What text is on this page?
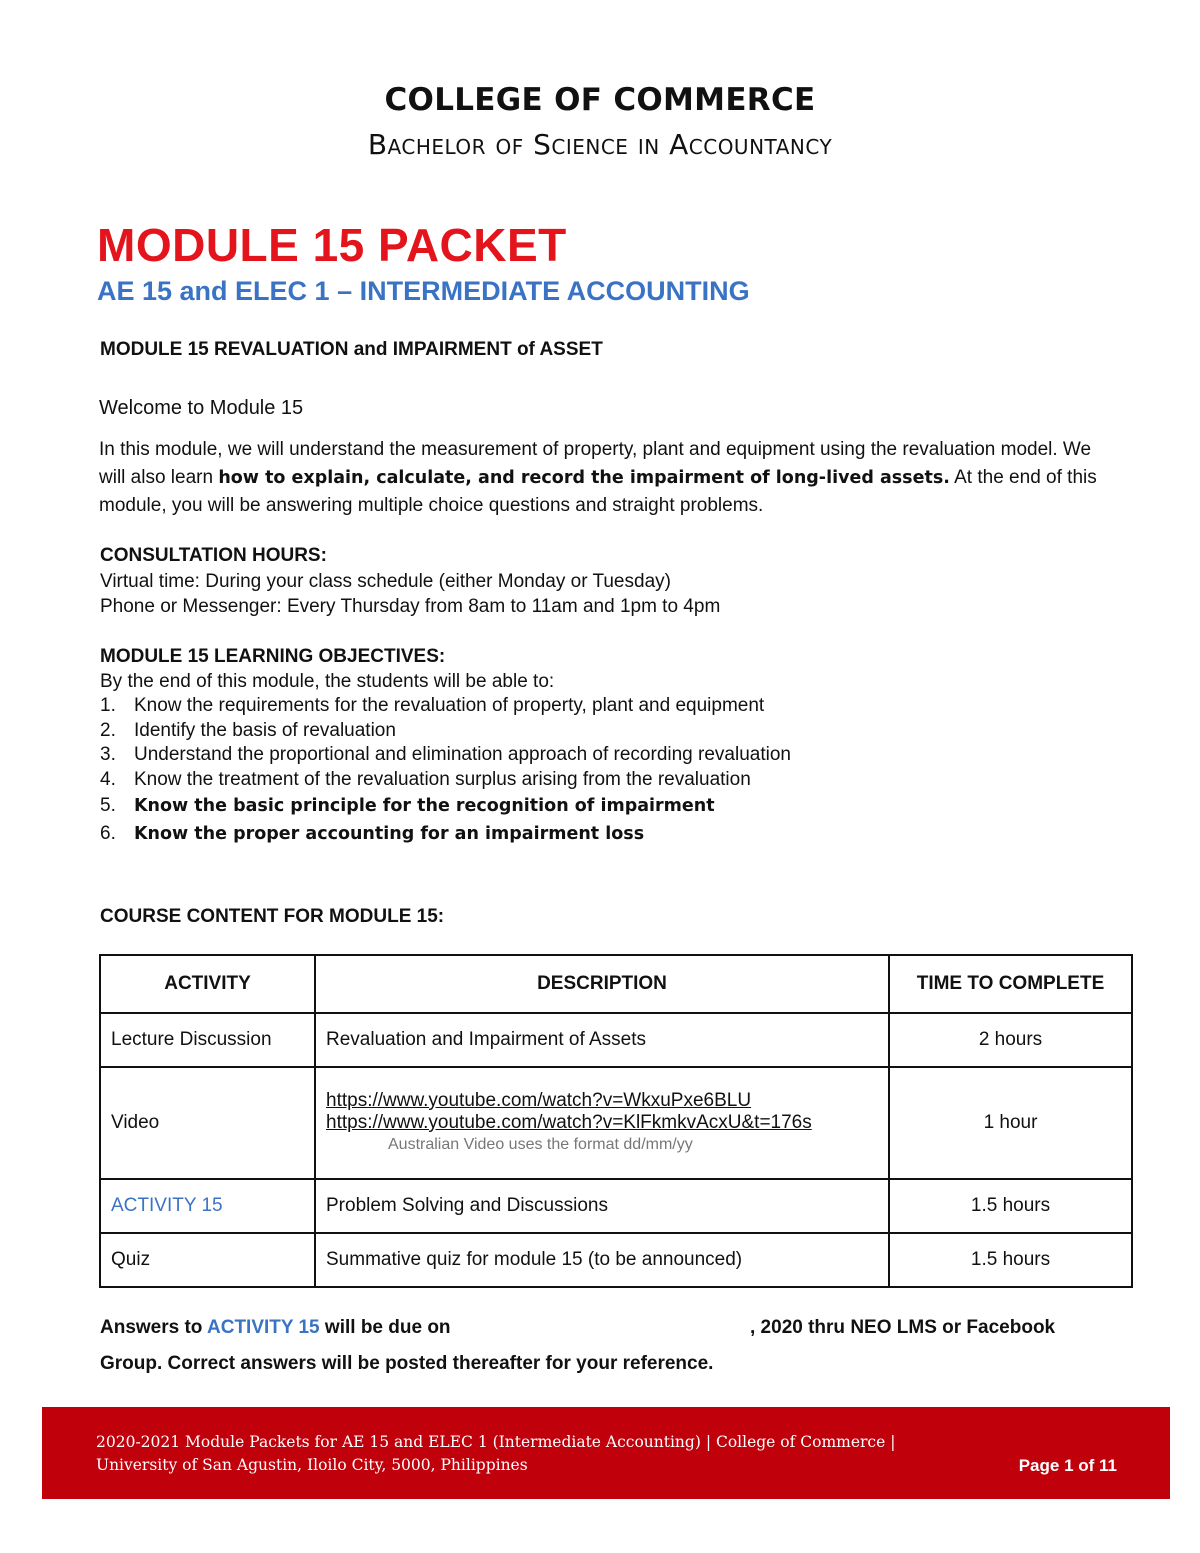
COLLEGE OF COMMERCE
Bachelor of Science in Accountancy
MODULE 15 PACKET
AE 15 and ELEC 1 – INTERMEDIATE ACCOUNTING
MODULE 15 REVALUATION and IMPAIRMENT of ASSET
Welcome to Module 15
In this module, we will understand the measurement of property, plant and equipment using the revaluation model. We will also learn how to explain, calculate, and record the impairment of long-lived assets. At the end of this module, you will be answering multiple choice questions and straight problems.
CONSULTATION HOURS:
Virtual time: During your class schedule (either Monday or Tuesday)
Phone or Messenger: Every Thursday from 8am to 11am and 1pm to 4pm
MODULE 15 LEARNING OBJECTIVES:
By the end of this module, the students will be able to:
1. Know the requirements for the revaluation of property, plant and equipment
2. Identify the basis of revaluation
3. Understand the proportional and elimination approach of recording revaluation
4. Know the treatment of the revaluation surplus arising from the revaluation
5.	Know the basic principle for the recognition of impairment
6.	Know the proper accounting for an impairment loss
COURSE CONTENT FOR MODULE 15:
ACTIVITY	DESCRIPTION	TIME TO COMPLETE
Lecture Discussion	Revaluation and Impairment of Assets	2 hours
Video	https://www.youtube.com/watch?v=WkxuPxe6BLU
https://www.youtube.com/watch?v=KlFkmkvAcxU&t=176s
Australian Video uses the format dd/mm/yy	1 hour
ACTIVITY 15	Problem Solving and Discussions	1.5 hours
Quiz	Summative quiz for module 15 (to be announced)	1.5 hours
Answers to ACTIVITY 15 will be due on	, 2020 thru NEO LMS or Facebook
Group. Correct answers will be posted thereafter for your reference.
2020-2021 Module Packets for AE 15 and ELEC 1 (Intermediate Accounting) | College of Commerce |
University of San Agustin, Iloilo City, 5000, Philippines	Page 1 of 11
